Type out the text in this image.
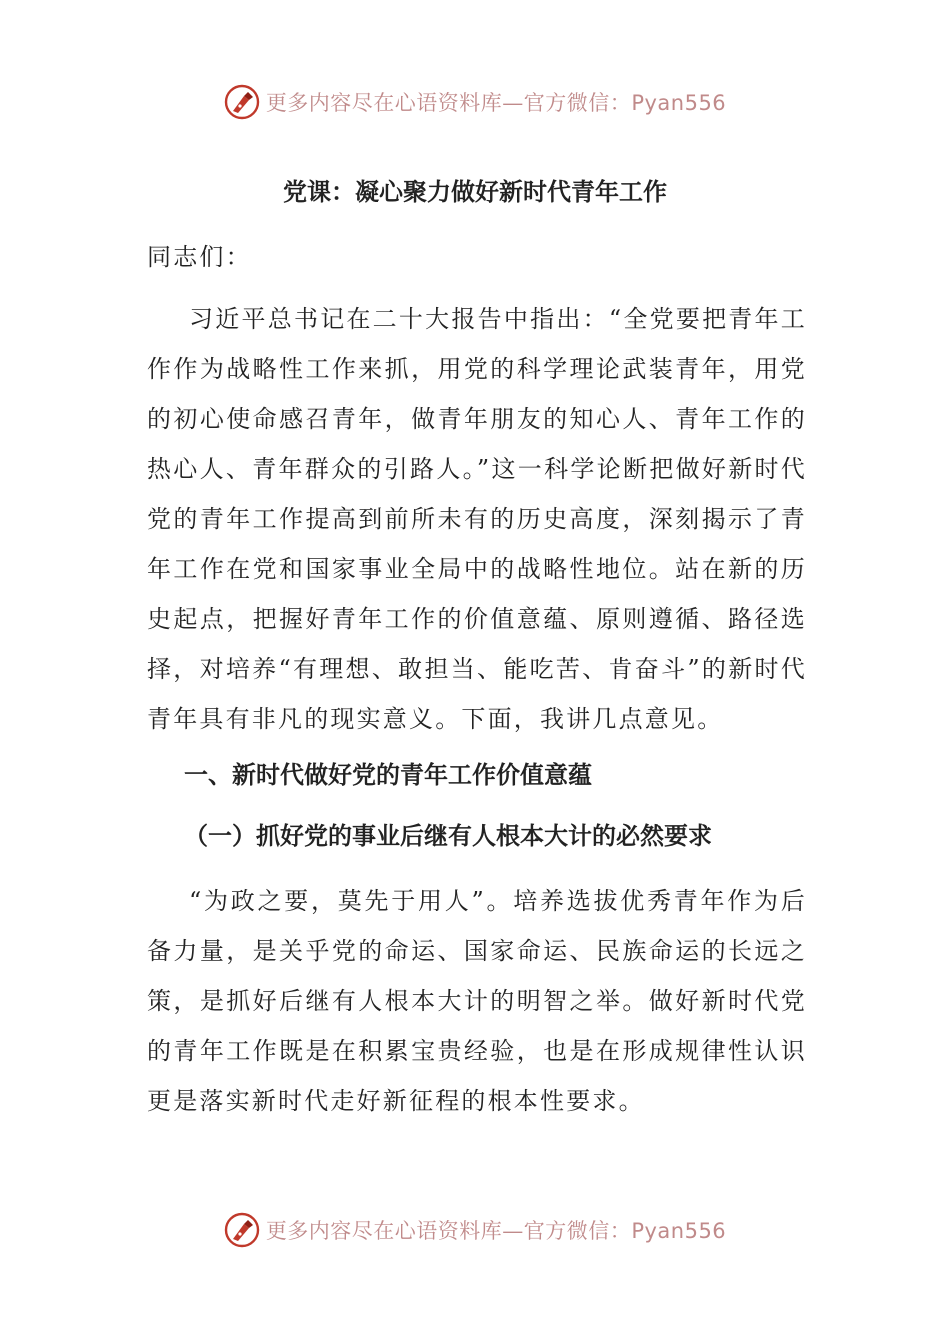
更多内容尽在心语资料库—官方微信：Pyan556
党课：凝心聚力做好新时代青年工作

同志们：

习近平总书记在二十大报告中指出：“全党要把青年工作作为战略性工作来抓，用党的科学理论武装青年，用党的初心使命感召青年，做青年朋友的知心人、青年工作的热心人、青年群众的引路人。”这一科学论断把做好新时代党的青年工作提高到前所未有的历史高度，深刻揭示了青年工作在党和国家事业全局中的战略性地位。站在新的历史起点，把握好青年工作的价值意蕴、原则遵循、路径选择，对培养“有理想、敢担当、能吃苦、肯奋斗”的新时代青年具有非凡的现实意义。下面，我讲几点意见。

一、新时代做好党的青年工作价值意蕴
（一）抓好党的事业后继有人根本大计的必然要求

“为政之要，莫先于用人”。培养选拔优秀青年作为后备力量，是关乎党的命运、国家命运、民族命运的长远之策，是抓好后继有人根本大计的明智之举。做好新时代党的青年工作既是在积累宝贵经验，也是在形成规律性认识更是落实新时代走好新征程的根本性要求。

更多内容尽在心语资料库—官方微信：Pyan556
